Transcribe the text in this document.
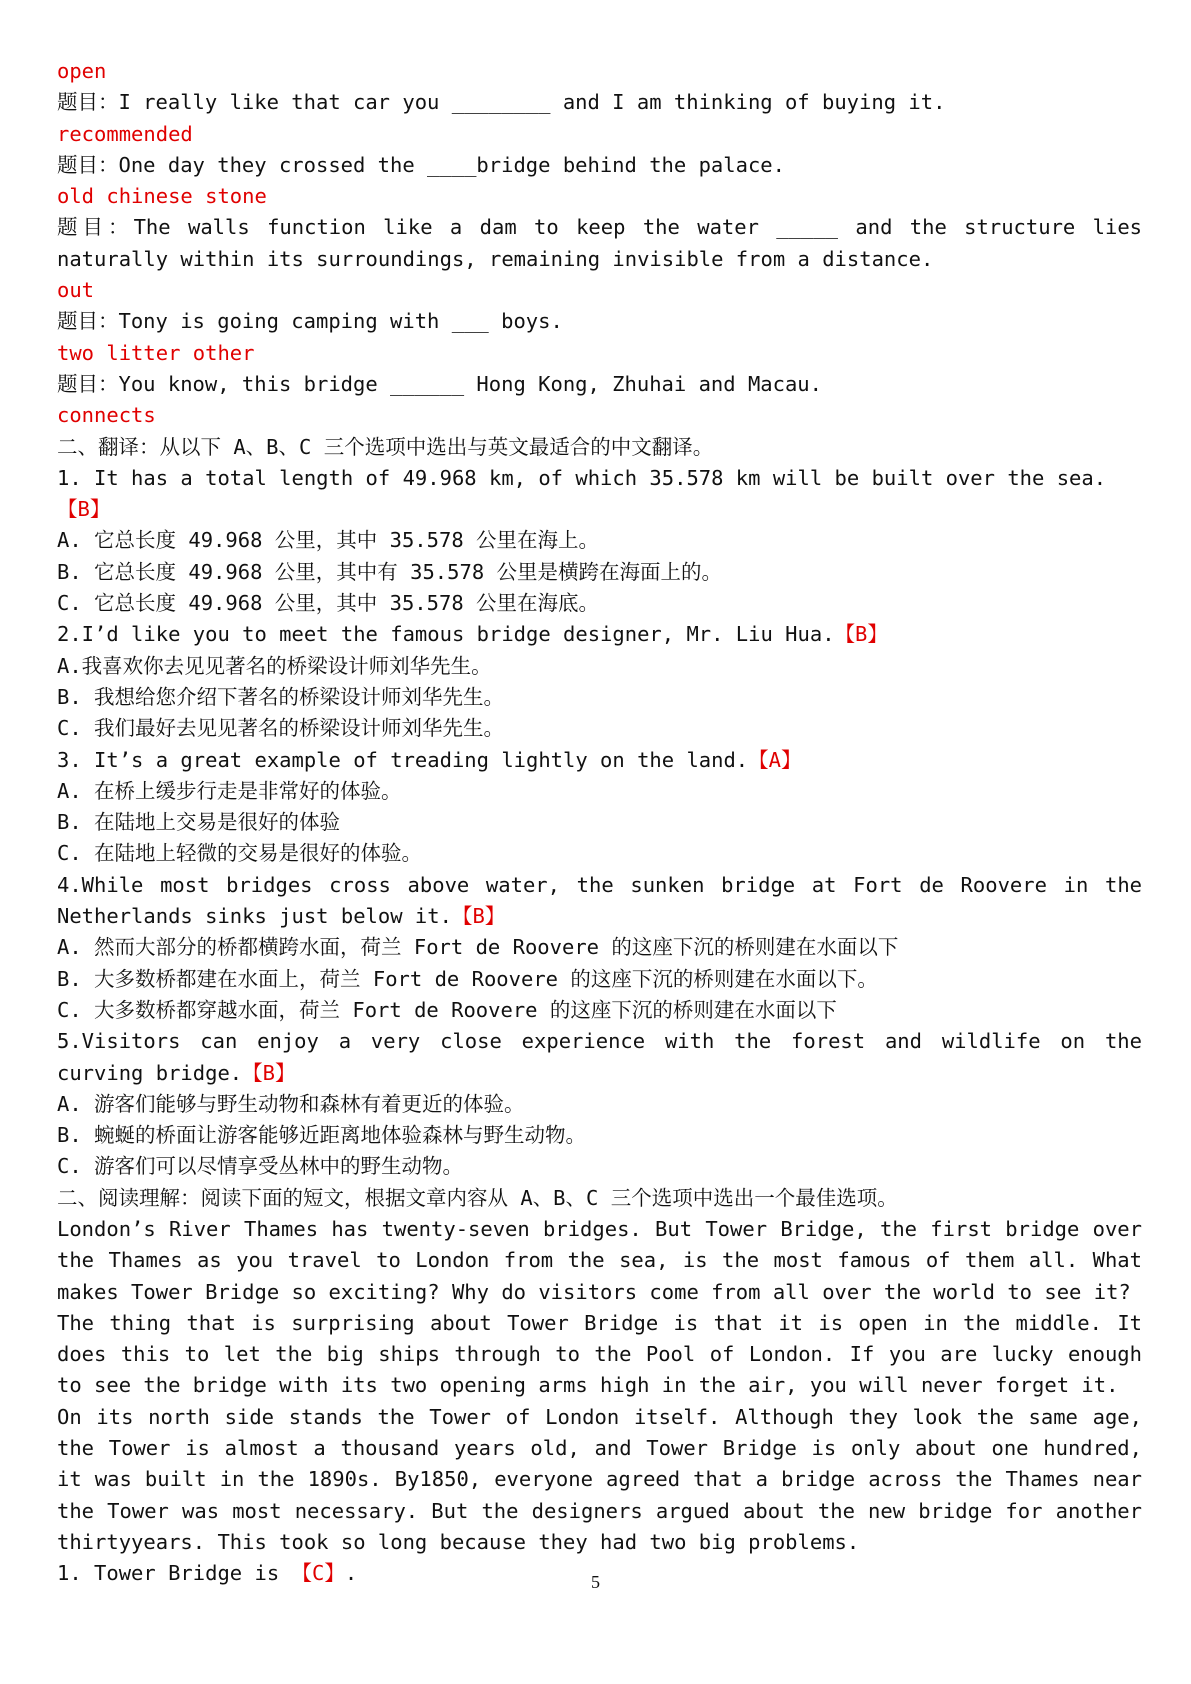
open
题目：I really like that car you ________ and I am thinking of buying it.
recommended
题目：One day they crossed the ____bridge behind the palace.
old chinese stone
题目：The walls function like a dam to keep the water _____ and the structure lies naturally within its surroundings, remaining invisible from a distance.
out
题目：Tony is going camping with ___ boys.
two litter other
题目：You know, this bridge ______ Hong Kong, Zhuhai and Macau.
connects
二、翻译：从以下 A、B、C 三个选项中选出与英文最适合的中文翻译。
1. It has a total length of 49.968 km, of which 35.578 km will be built over the sea.【B】
A. 它总长度 49.968 公里，其中 35.578 公里在海上。
B. 它总长度 49.968 公里，其中有 35.578 公里是横跨在海面上的。
C. 它总长度 49.968 公里，其中 35.578 公里在海底。
2.I’d like you to meet the famous bridge designer, Mr. Liu Hua.【B】
A.我喜欢你去见见著名的桥梁设计师刘华先生。
B. 我想给您介绍下著名的桥梁设计师刘华先生。
C. 我们最好去见见著名的桥梁设计师刘华先生。
3. It’s a great example of treading lightly on the land.【A】
A. 在桥上缓步行走是非常好的体验。
B. 在陆地上交易是很好的体验
C. 在陆地上轻微的交易是很好的体验。
4.While most bridges cross above water, the sunken bridge at Fort de Roovere in the Netherlands sinks just below it.【B】
A. 然而大部分的桥都横跨水面，荷兰 Fort de Roovere 的这座下沉的桥则建在水面以下
B. 大多数桥都建在水面上，荷兰 Fort de Roovere 的这座下沉的桥则建在水面以下。
C. 大多数桥都穿越水面，荷兰 Fort de Roovere 的这座下沉的桥则建在水面以下
5.Visitors can enjoy a very close experience with the forest and wildlife on the curving bridge.【B】
A. 游客们能够与野生动物和森林有着更近的体验。
B. 蜿蜒的桥面让游客能够近距离地体验森林与野生动物。
C. 游客们可以尽情享受丛林中的野生动物。
二、阅读理解：阅读下面的短文，根据文章内容从 A、B、C 三个选项中选出一个最佳选项。
London’s River Thames has twenty-seven bridges. But Tower Bridge, the first bridge over the Thames as you travel to London from the sea, is the most famous of them all. What makes Tower Bridge so exciting? Why do visitors come from all over the world to see it?
The thing that is surprising about Tower Bridge is that it is open in the middle. It does this to let the big ships through to the Pool of London. If you are lucky enough to see the bridge with its two opening arms high in the air, you will never forget it.
On its north side stands the Tower of London itself. Although they look the same age, the Tower is almost a thousand years old, and Tower Bridge is only about one hundred, it was built in the 1890s. By1850, everyone agreed that a bridge across the Thames near the Tower was most necessary. But the designers argued about the new bridge for another thirtyyears. This took so long because they had two big problems.
1. Tower Bridge is 【C】.	5
